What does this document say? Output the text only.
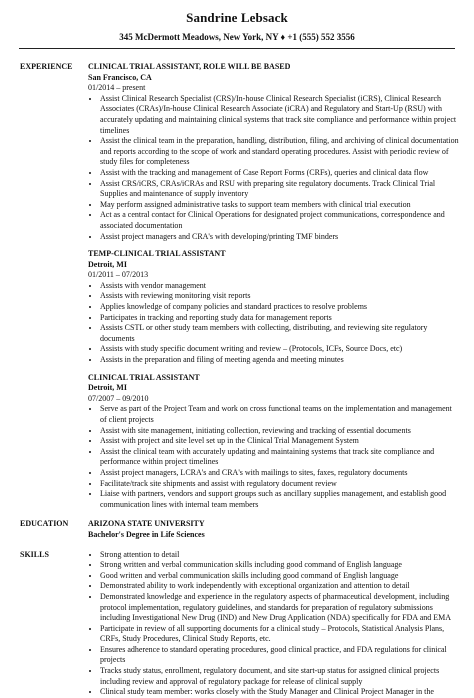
Sandrine Lebsack
345 McDermott Meadows, New York, NY ♦ +1 (555) 552 3556
EXPERIENCE	CLINICAL TRIAL ASSISTANT, ROLE WILL BE BASED
San Francisco, CA
01/2014 – present
• Assist Clinical Research Specialist (CRS)/In-house Clinical Research Specialist (iCRS), Clinical Research Associates (CRAs)/In-house Clinical Research Associate (iCRA) and Regulatory and Start-Up (RSU) with accurately updating and maintaining clinical systems that track site compliance and performance within project timelines
• Assist the clinical team in the preparation, handling, distribution, filing, and archiving of clinical documentation and reports according to the scope of work and standard operating procedures. Assist with periodic review of study files for completeness
• Assist with the tracking and management of Case Report Forms (CRFs), queries and clinical data flow
• Assist CRS/iCRS, CRAs/iCRAs and RSU with preparing site regulatory documents. Track Clinical Trial Supplies and maintenance of supply inventory
• May perform assigned administrative tasks to support team members with clinical trial execution
• Act as a central contact for Clinical Operations for designated project communications, correspondence and associated documentation
• Assist project managers and CRA's with developing/printing TMF binders
TEMP-CLINICAL TRIAL ASSISTANT
Detroit, MI
01/2011 – 07/2013
• Assists with vendor management
• Assists with reviewing monitoring visit reports
• Applies knowledge of company policies and standard practices to resolve problems
• Participates in tracking and reporting study data for management reports
• Assists CSTL or other study team members with collecting, distributing, and reviewing site regulatory documents
• Assists with study specific document writing and review – (Protocols, ICFs, Source Docs, etc)
• Assists in the preparation and filing of meeting agenda and meeting minutes
CLINICAL TRIAL ASSISTANT
Detroit, MI
07/2007 – 09/2010
• Serve as part of the Project Team and work on cross functional teams on the implementation and management of client projects
• Assist with site management, initiating collection, reviewing and tracking of essential documents
• Assist with project and site level set up in the Clinical Trial Management System
• Assist the clinical team with accurately updating and maintaining systems that track site compliance and performance within project timelines
• Assist project managers, LCRA's and CRA's with mailings to sites, faxes, regulatory documents
• Facilitate/track site shipments and assist with regulatory document review
• Liaise with partners, vendors and support groups such as ancillary supplies management, and establish good communication lines with internal team members
EDUCATION	ARIZONA STATE UNIVERSITY
Bachelor's Degree in Life Sciences
SKILLS
•	Strong attention to detail
• Strong written and verbal communication skills including good command of English language
• Good written and verbal communication skills including good command of English language
• Demonstrated ability to work independently with exceptional organization and attention to detail
• Demonstrated knowledge and experience in the regulatory aspects of pharmaceutical development, including protocol implementation, regulatory guidelines, and standards for preparation of regulatory submissions including Investigational New Drug (IND) and New Drug Application (NDA) specifically for FDA and EMA
• Participate in review of all supporting documents for a clinical study – Protocols, Statistical Analysis Plans, CRFs, Study Procedures, Clinical Study Reports, etc.
• Ensures adherence to standard operating procedures, good clinical practice, and FDA regulations for clinical projects
• Tracks study status, enrollment, regulatory document, and site start-up status for assigned clinical projects including review and approval of regulatory package for release of clinical supply
• Clinical study team member: works closely with the Study Manager and Clinical Project Manager in the
